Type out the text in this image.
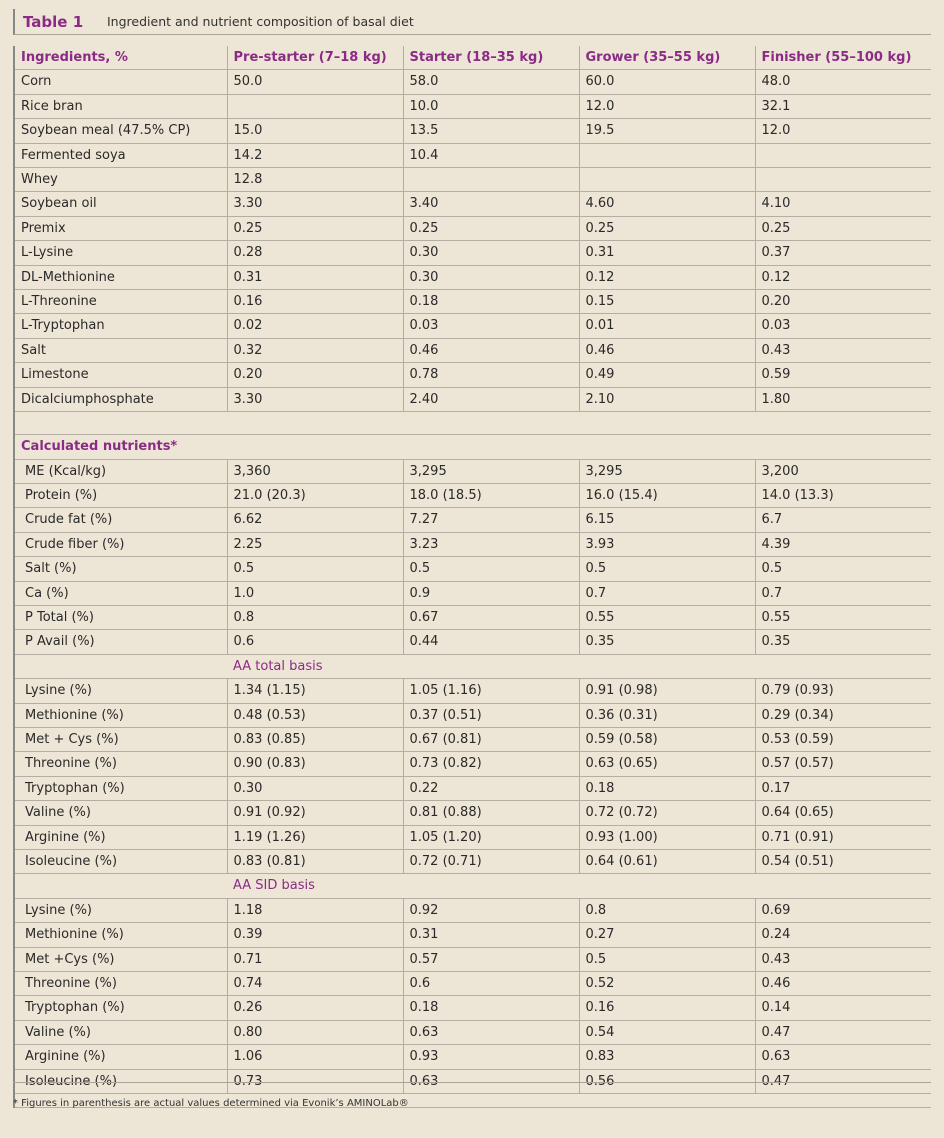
Table 1	Ingredient and nutrient composition of basal diet
Ingredients, %	Pre-starter (7–18 kg)	Starter (18–35 kg)	Grower (35–55 kg)	Finisher (55–100 kg)
Corn	50.0	58.0	60.0	48.0
Rice bran		10.0	12.0	32.1
Soybean meal (47.5% CP)	15.0	13.5	19.5	12.0
Fermented soya	14.2	10.4		
Whey	12.8			
Soybean oil	3.30	3.40	4.60	4.10
Premix	0.25	0.25	0.25	0.25
L-Lysine	0.28	0.30	0.31	0.37
DL-Methionine	0.31	0.30	0.12	0.12
L-Threonine	0.16	0.18	0.15	0.20
L-Tryptophan	0.02	0.03	0.01	0.03
Salt	0.32	0.46	0.46	0.43
Limestone	0.20	0.78	0.49	0.59
Dicalciumphosphate	3.30	2.40	2.10	1.80

Calculated nutrients*				
ME (Kcal/kg)	3,360	3,295	3,295	3,200
Protein (%)	21.0 (20.3)	18.0 (18.5)	16.0 (15.4)	14.0 (13.3)
Crude fat (%)	6.62	7.27	6.15	6.7
Crude fiber (%)	2.25	3.23	3.93	4.39
Salt (%)	0.5	0.5	0.5	0.5
Ca (%)	1.0	0.9	0.7	0.7
P Total (%)	0.8	0.67	0.55	0.55
P Avail (%)	0.6	0.44	0.35	0.35
	AA total basis			
Lysine (%)	1.34 (1.15)	1.05 (1.16)	0.91 (0.98)	0.79 (0.93)
Methionine (%)	0.48 (0.53)	0.37 (0.51)	0.36 (0.31)	0.29 (0.34)
Met + Cys (%)	0.83 (0.85)	0.67 (0.81)	0.59 (0.58)	0.53 (0.59)
Threonine (%)	0.90 (0.83)	0.73 (0.82)	0.63 (0.65)	0.57 (0.57)
Tryptophan (%)	0.30	0.22	0.18	0.17
Valine (%)	0.91 (0.92)	0.81 (0.88)	0.72 (0.72)	0.64 (0.65)
Arginine (%)	1.19 (1.26)	1.05 (1.20)	0.93 (1.00)	0.71 (0.91)
Isoleucine (%)	0.83 (0.81)	0.72 (0.71)	0.64 (0.61)	0.54 (0.51)
	AA SID basis			
Lysine (%)	1.18	0.92	0.8	0.69
Methionine (%)	0.39	0.31	0.27	0.24
Met +Cys (%)	0.71	0.57	0.5	0.43
Threonine (%)	0.74	0.6	0.52	0.46
Tryptophan (%)	0.26	0.18	0.16	0.14
Valine (%)	0.80	0.63	0.54	0.47
Arginine (%)	1.06	0.93	0.83	0.63
Isoleucine (%)	0.73	0.63	0.56	0.47

* Figures in parenthesis are actual values determined via Evonik’s AMINOLab®
